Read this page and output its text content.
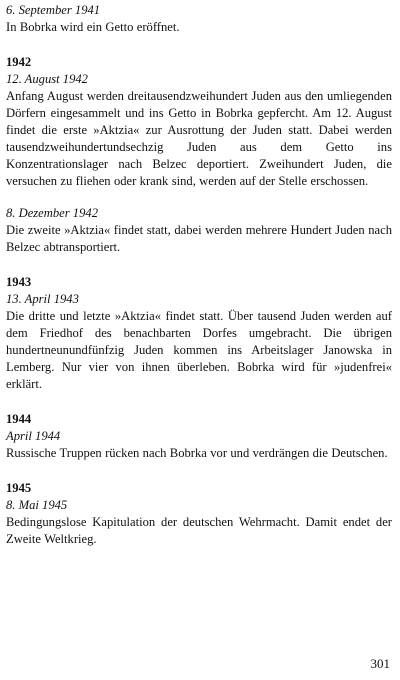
6. September 1941

In Bobrka wird ein Getto eröffnet.

1942

12. August 1942

Anfang August werden dreitausendzweihundert Juden aus den umliegenden Dörfern eingesammelt und ins Getto in Bobrka gepfercht. Am 12. August findet die erste »Aktzia« zur Ausrottung der Juden statt. Dabei werden tausendzweihundertundsechzig Juden aus dem Getto ins Konzentrationslager nach Belzec deportiert. Zweihundert Juden, die versuchen zu fliehen oder krank sind, werden auf der Stelle erschossen.

8. Dezember 1942

Die zweite »Aktzia« findet statt, dabei werden mehrere Hundert Juden nach Belzec abtransportiert.

1943

13. April 1943

Die dritte und letzte »Aktzia« findet statt. Über tausend Juden werden auf dem Friedhof des benachbarten Dorfes umgebracht. Die übrigen hundertneunundfünfzig Juden kommen ins Arbeitslager Janowska in Lemberg. Nur vier von ihnen überleben. Bobrka wird für »judenfrei« erklärt.

1944

April 1944

Russische Truppen rücken nach Bobrka vor und verdrängen die Deutschen.

1945

8. Mai 1945

Bedingungslose Kapitulation der deutschen Wehrmacht. Damit endet der Zweite Weltkrieg.

301
